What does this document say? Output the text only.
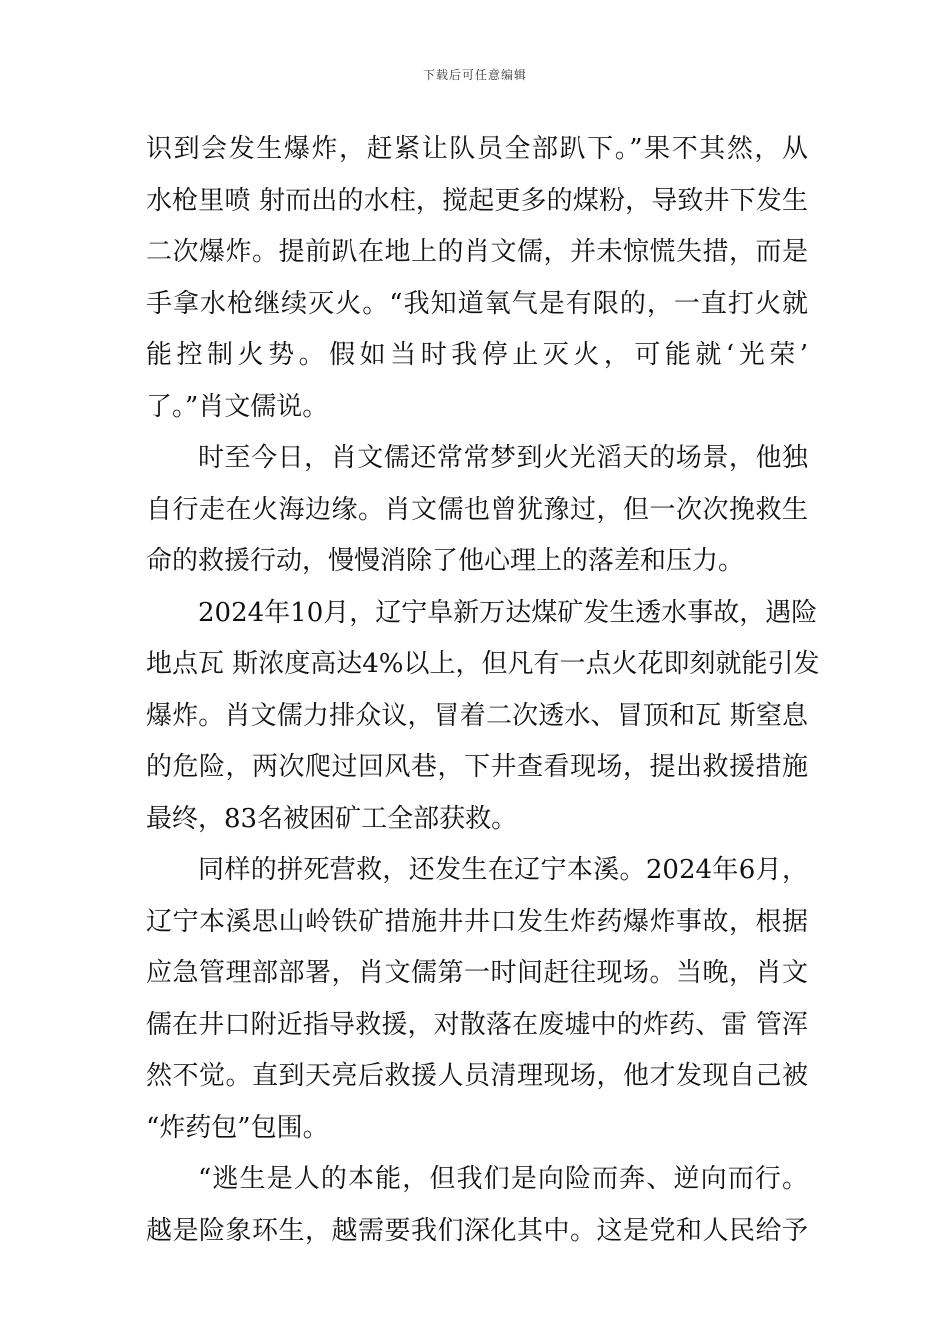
下载后可任意编辑
识到会发生爆炸，赶紧让队员全部趴下。”果不其然，从
水枪里喷 射而出的水柱，搅起更多的煤粉，导致井下发生
二次爆炸。提前趴在地上的肖文儒，并未惊慌失措，而是
手拿水枪继续灭火。“我知道氧气是有限的，一直打火就
能控制火势。假如当时我停止灭火，可能就‘光荣’
了。”肖文儒说。
时至今日，肖文儒还常常梦到火光滔天的场景，他独
自行走在火海边缘。肖文儒也曾犹豫过，但一次次挽救生
命的救援行动，慢慢消除了他心理上的落差和压力。
2024年10月，辽宁阜新万达煤矿发生透水事故，遇险
地点瓦 斯浓度高达4%以上，但凡有一点火花即刻就能引发
爆炸。肖文儒力排众议，冒着二次透水、冒顶和瓦 斯窒息
的危险，两次爬过回风巷，下井查看现场，提出救援措施
最终，83名被困矿工全部获救。
同样的拼死营救，还发生在辽宁本溪。2024年6月，
辽宁本溪思山岭铁矿措施井井口发生炸药爆炸事故，根据
应急管理部部署，肖文儒第一时间赶往现场。当晚，肖文
儒在井口附近指导救援，对散落在废墟中的炸药、雷 管浑
然不觉。直到天亮后救援人员清理现场，他才发现自己被
“炸药包”包围。
“逃生是人的本能，但我们是向险而奔、逆向而行。
越是险象环生，越需要我们深化其中。这是党和人民给予
